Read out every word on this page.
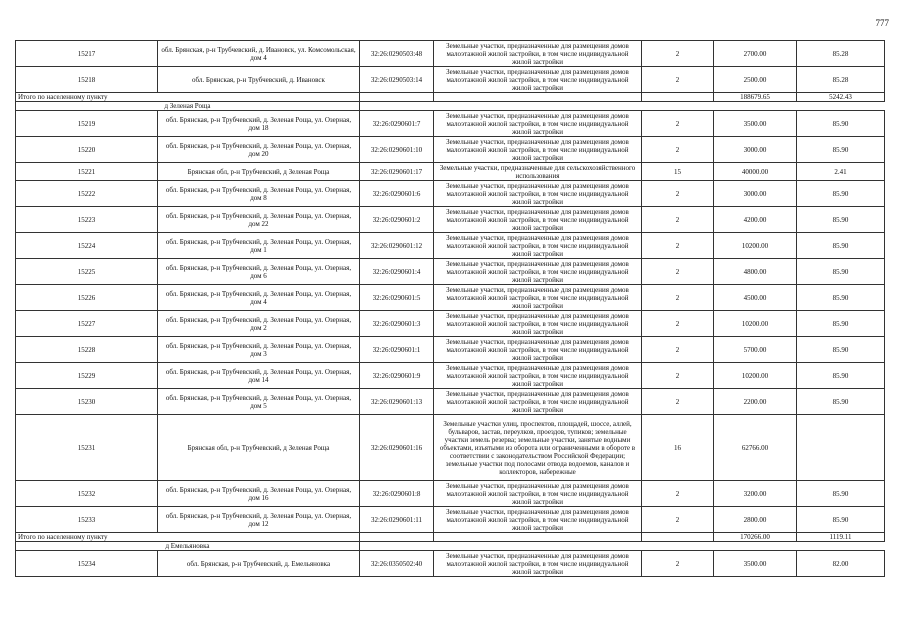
777
15217	обл. Брянская, р-н Трубчевский, д. Ивановск, ул. Комсомольская, дом 4	32:26:0290503:48	Земельные участки, предназначенные для размещения домов малоэтажной жилой застройки, в том числе индивидуальной жилой застройки	2	2700.00	85.28	
15218	обл. Брянская, р-н Трубчевский, д. Ивановск	32:26:0290503:14	Земельные участки, предназначенные для размещения домов малоэтажной жилой застройки, в том числе индивидуальной жилой застройки	2	2500.00	85.28	
Итого по населенному пункту					188679.65	5242.43	
д Зеленая Роща							
15219	обл. Брянская, р-н Трубчевский, д. Зеленая Роща, ул. Озерная, дом 18	32:26:0290601:7	Земельные участки, предназначенные для размещения домов малоэтажной жилой застройки, в том числе индивидуальной жилой застройки	2	3500.00	85.90	
15220	обл. Брянская, р-н Трубчевский, д. Зеленая Роща, ул. Озерная, дом 20	32:26:0290601:10	Земельные участки, предназначенные для размещения домов малоэтажной жилой застройки, в том числе индивидуальной жилой застройки	2	3000.00	85.90	
15221	Брянская обл, р-н Трубчевский, д Зеленая Роща	32:26:0290601:17	Земельные участки, предназначенные для сельскохозяйственного использования	15	40000.00	2.41	
15222	обл. Брянская, р-н Трубчевский, д. Зеленая Роща, ул. Озерная, дом 8	32:26:0290601:6	Земельные участки, предназначенные для размещения домов малоэтажной жилой застройки, в том числе индивидуальной жилой застройки	2	3000.00	85.90	
15223	обл. Брянская, р-н Трубчевский, д. Зеленая Роща, ул. Озерная, дом 22	32:26:0290601:2	Земельные участки, предназначенные для размещения домов малоэтажной жилой застройки, в том числе индивидуальной жилой застройки	2	4200.00	85.90	
15224	обл. Брянская, р-н Трубчевский, д. Зеленая Роща, ул. Озерная, дом 1	32:26:0290601:12	Земельные участки, предназначенные для размещения домов малоэтажной жилой застройки, в том числе индивидуальной жилой застройки	2	10200.00	85.90	
15225	обл. Брянская, р-н Трубчевский, д. Зеленая Роща, ул. Озерная, дом 6	32:26:0290601:4	Земельные участки, предназначенные для размещения домов малоэтажной жилой застройки, в том числе индивидуальной жилой застройки	2	4800.00	85.90	
15226	обл. Брянская, р-н Трубчевский, д. Зеленая Роща, ул. Озерная, дом 4	32:26:0290601:5	Земельные участки, предназначенные для размещения домов малоэтажной жилой застройки, в том числе индивидуальной жилой застройки	2	4500.00	85.90	
15227	обл. Брянская, р-н Трубчевский, д. Зеленая Роща, ул. Озерная, дом 2	32:26:0290601:3	Земельные участки, предназначенные для размещения домов малоэтажной жилой застройки, в том числе индивидуальной жилой застройки	2	10200.00	85.90	
15228	обл. Брянская, р-н Трубчевский, д. Зеленая Роща, ул. Озерная, дом 3	32:26:0290601:1	Земельные участки, предназначенные для размещения домов малоэтажной жилой застройки, в том числе индивидуальной жилой застройки	2	5700.00	85.90	
15229	обл. Брянская, р-н Трубчевский, д. Зеленая Роща, ул. Озерная, дом 14	32:26:0290601:9	Земельные участки, предназначенные для размещения домов малоэтажной жилой застройки, в том числе индивидуальной жилой застройки	2	10200.00	85.90	
15230	обл. Брянская, р-н Трубчевский, д. Зеленая Роща, ул. Озерная, дом 5	32:26:0290601:13	Земельные участки, предназначенные для размещения домов малоэтажной жилой застройки, в том числе индивидуальной жилой застройки	2	2200.00	85.90	
15231	Брянская обл, р-н Трубчевский, д Зеленая Роща	32:26:0290601:16	Земельные участки улиц, проспектов, площадей, шоссе, аллей, бульваров, застав, переулков, проездов, тупиков; земельные участки земель резерва; земельные участки, занятые водными объектами, изъятыми из оборота или ограниченными в обороте в соответствии с законодательством Российской Федерации; земельные участки под полосами отвода водоемов, каналов и коллекторов, набережные	16	62766.00		
15232	обл. Брянская, р-н Трубчевский, д. Зеленая Роща, ул. Озерная, дом 16	32:26:0290601:8	Земельные участки, предназначенные для размещения домов малоэтажной жилой застройки, в том числе индивидуальной жилой застройки	2	3200.00	85.90	
15233	обл. Брянская, р-н Трубчевский, д. Зеленая Роща, ул. Озерная, дом 12	32:26:0290601:11	Земельные участки, предназначенные для размещения домов малоэтажной жилой застройки, в том числе индивидуальной жилой застройки	2	2800.00	85.90	
Итого по населенному пункту					170266.00	1119.11	
д Емельяновка							
15234	обл. Брянская, р-н Трубчевский, д. Емельяновка	32:26:0350502:40	Земельные участки, предназначенные для размещения домов малоэтажной жилой застройки, в том числе индивидуальной жилой застройки	2	3500.00	82.00	
